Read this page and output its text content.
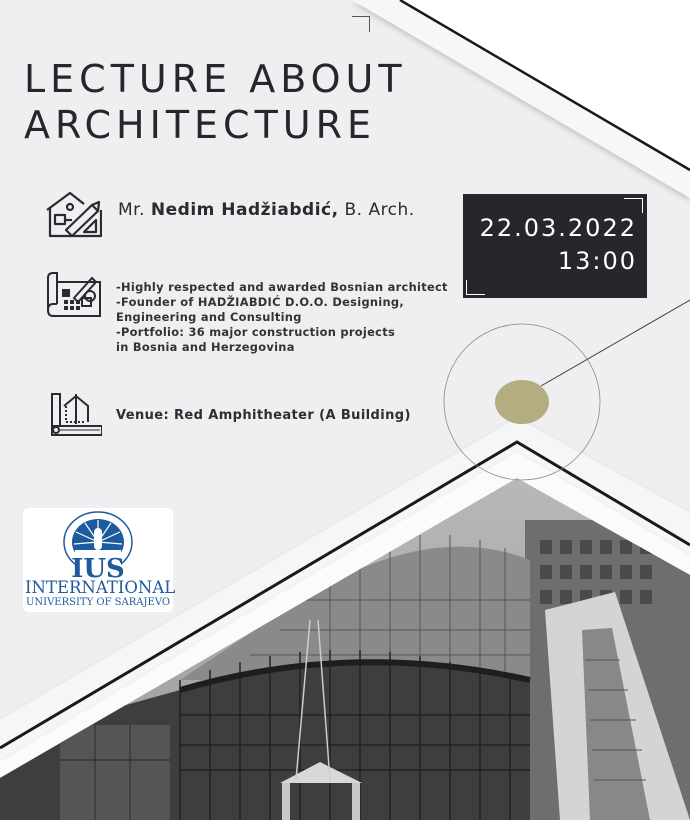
LECTURE ABOUT
ARCHITECTURE
Mr. Nedim Hadžiabdić, B. Arch.
-Highly respected and awarded Bosnian architect
-Founder of HADŽIABDIĆ D.O.O. Designing,
Engineering and Consulting
-Portfolio: 36 major construction projects
in Bosnia and Herzegovina
Venue: Red Amphitheater (A Building)
22.03.2022
13:00
IUS
INTERNATIONAL
UNIVERSITY OF SARAJEVO
